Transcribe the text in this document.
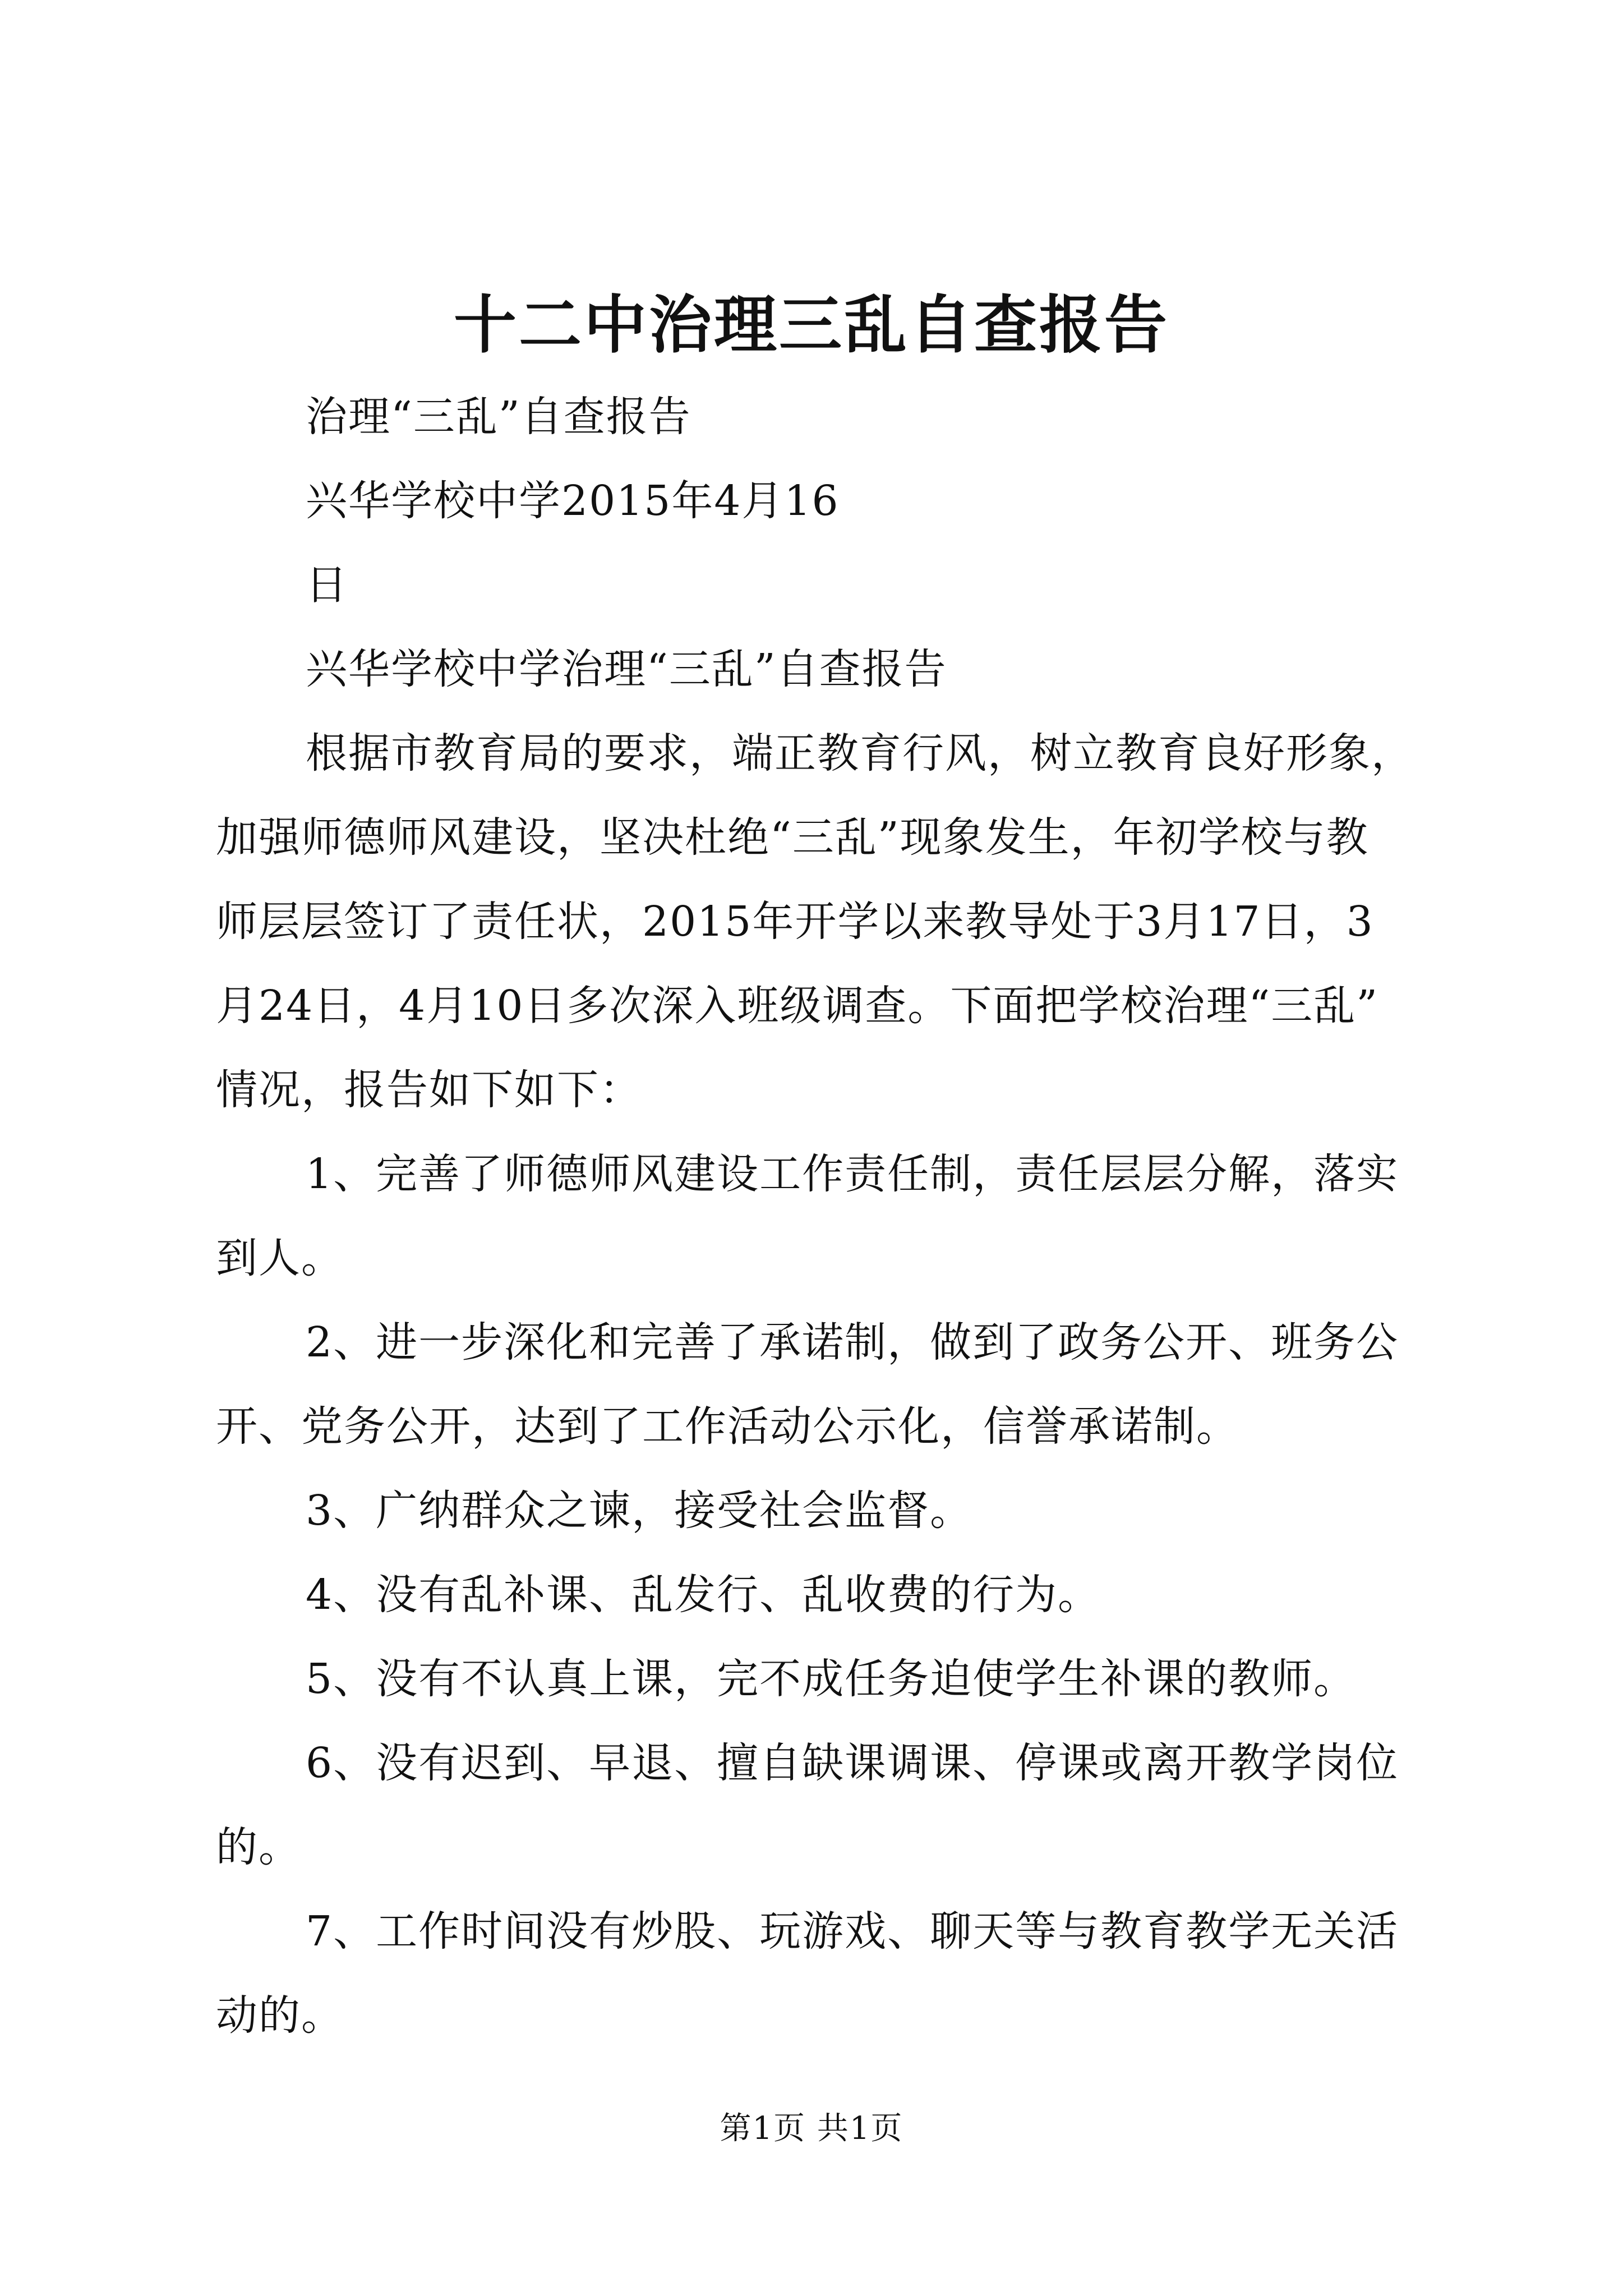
十二中治理三乱自查报告
治理“三乱”自查报告
兴华学校中学2015年4月16
日
兴华学校中学治理“三乱”自查报告
根据市教育局的要求，端正教育行风，树立教育良好形象，
加强师德师风建设，坚决杜绝“三乱”现象发生，年初学校与教
师层层签订了责任状，2015年开学以来教导处于3月17日，3
月24日，4月10日多次深入班级调查。下面把学校治理“三乱”
情况，报告如下如下：
1、完善了师德师风建设工作责任制，责任层层分解，落实
到人。
2、进一步深化和完善了承诺制，做到了政务公开、班务公
开、党务公开，达到了工作活动公示化，信誉承诺制。
3、广纳群众之谏，接受社会监督。
4、没有乱补课、乱发行、乱收费的行为。
5、没有不认真上课，完不成任务迫使学生补课的教师。
6、没有迟到、早退、擅自缺课调课、停课或离开教学岗位
的。
7、工作时间没有炒股、玩游戏、聊天等与教育教学无关活
动的。
第1页 共1页
